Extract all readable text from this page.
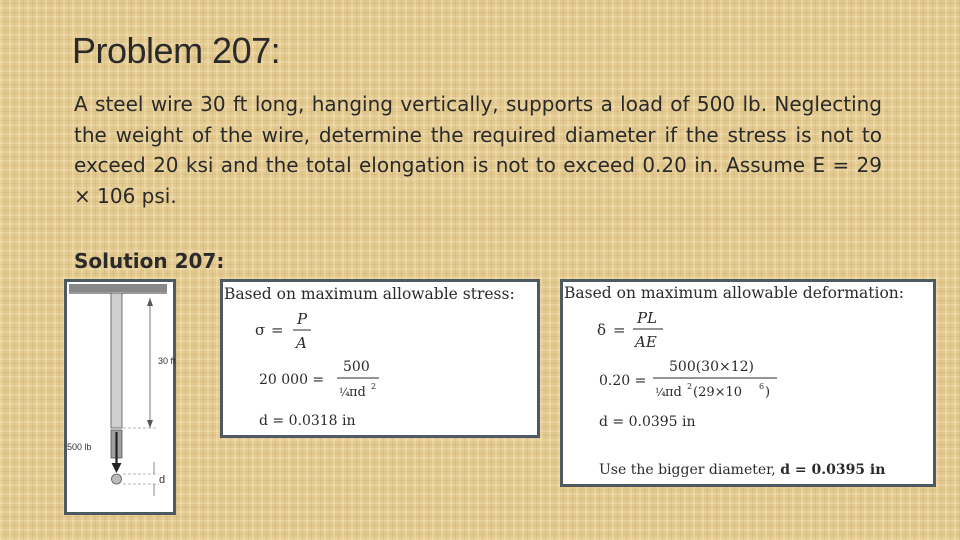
Problem 207:

A steel wire 30 ft long, hanging vertically, supports a load of 500 lb. Neglecting the weight of the wire, determine the required diameter if the stress is not to exceed 20 ksi and the total elongation is not to exceed 0.20 in. Assume E = 29 × 106 psi.

Solution 207:

30 ft
500 lb
d
Based on maximum allowable stress:
σ =
P
A
20 000 =
500
¼ πd 2
d = 0.0318 in
Based on maximum allowable deformation:
δ =
PL
AE
0.20 =
500(30×12)
¼ πd 2 (29×10 6 )
d = 0.0395 in
Use the bigger diameter, d = 0.0395 in
